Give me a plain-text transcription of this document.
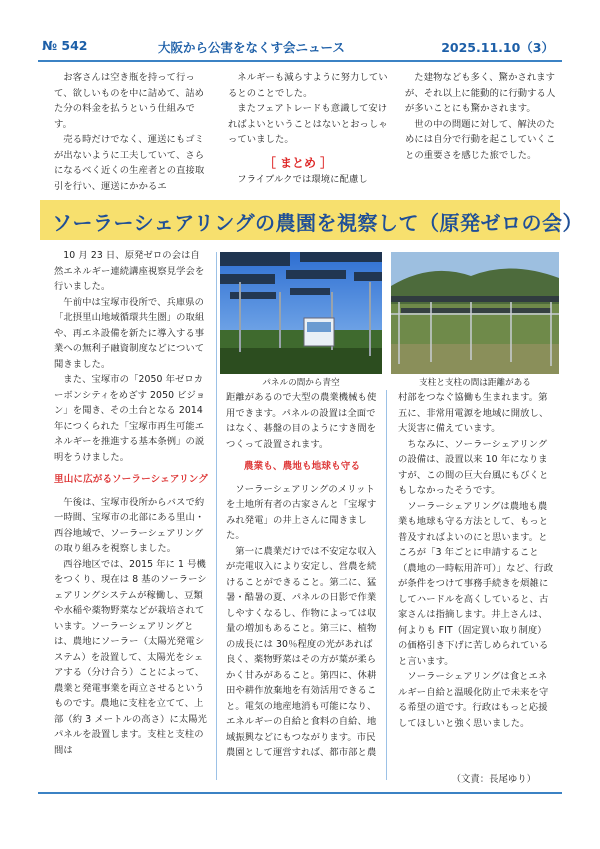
№ 542	大阪から公害をなくす会ニュース	2025.11.10（3）

お客さんは空き瓶を持って行って、欲しいものを中に詰めて、詰めた分の料金を払うという仕組みです。

売る時だけでなく、運送にもゴミが出ないように工夫していて、さらになるべく近くの生産者との直接取引を行い、運送にかかるエ

ネルギーも減らすように努力しているとのことでした。

またフェアトレードも意識して安ければよいということはないとおっしゃっていました。

［ まとめ ］

フライブルクでは環境に配慮し

た建物なども多く、驚かされますが、それ以上に能動的に行動する人が多いことにも驚かされます。

世の中の問題に対して、解決のためには自分で行動を起こしていくことの重要さを感じた旅でした。

ソーラーシェアリングの農園を視察して（原発ゼロの会）
パネルの間から青空	支柱と支柱の間は距離がある

10 月 23 日、原発ゼロの会は自然エネルギー連続講座視察見学会を行いました。

午前中は宝塚市役所で、兵庫県の「北摂里山地域循環共生圏」の取組や、再エネ設備を新たに導入する事業への無利子融資制度などについて聞きました。

また、宝塚市の「2050 年ゼロカーボンシティをめざす 2050 ビジョン」を聞き、その土台となる 2014 年につくられた「宝塚市再生可能エネルギーを推進する基本条例」の説明をうけました。

里山に広がるソーラーシェアリング

午後は、宝塚市役所からバスで約一時間、宝塚市の北部にある里山・西谷地域で、ソーラーシェアリングの取り組みを視察しました。

西谷地区では、2015 年に 1 号機をつくり、現在は 8 基のソーラーシェアリングシステムが稼働し、豆類や水稲や薬物野菜などが栽培されています。ソーラーシェアリングとは、農地にソーラー（太陽光発電システム）を設置して、太陽光をシェアする（分け合う）ことによって、農業と発電事業を両立させるというものです。農地に支柱を立てて、上部（約 3 メートルの高さ）に太陽光パネルを設置します。支柱と支柱の間は

距離があるので大型の農業機械も使用できます。パネルの設置は全面ではなく、碁盤の目のようにすき間をつくって設置されます。

農業も、農地も地球も守る

ソーラーシェアリングのメリットを土地所有者の古家さんと「宝塚すみれ発電」の井上さんに聞きました。

第一に農業だけでは不安定な収入が売電収入により安定し、営農を続けることができること。第二に、猛暑・酷暑の夏、パネルの日影で作業しやすくなるし、作物によっては収量の増加もあること。第三に、植物の成長には 30％程度の光があれば良く、薬物野菜はその方が葉が柔らかく甘みがあること。第四に、休耕田や耕作放棄地を有効活用できること。電気の地産地消も可能になり、エネルギーの自給と食料の自給、地域振興などにもつながります。市民農園として運営すれば、都市部と農

村部をつなぐ協働も生まれます。第五に、非常用電源を地域に開放し、大災害に備えています。

ちなみに、ソーラーシェアリングの設備は、設置以来 10 年になりますが、この間の巨大台風にもびくともしなかったそうです。

ソーラーシェアリングは農地も農業も地球も守る方法として、もっと普及すればよいのにと思います。ところが「3 年ごとに申請すること（農地の一時転用許可）」など、行政が条件をつけて事務手続きを煩雑にしてハードルを高くしていると、古家さんは指摘します。井上さんは、何よりも FIT（固定買い取り制度）の価格引き下げに苦しめられていると言います。

ソーラーシェアリングは食とエネルギー自給と温暖化防止で未来を守る希望の道です。行政はもっと応援してほしいと強く思いました。

（文責：長尾ゆり）
